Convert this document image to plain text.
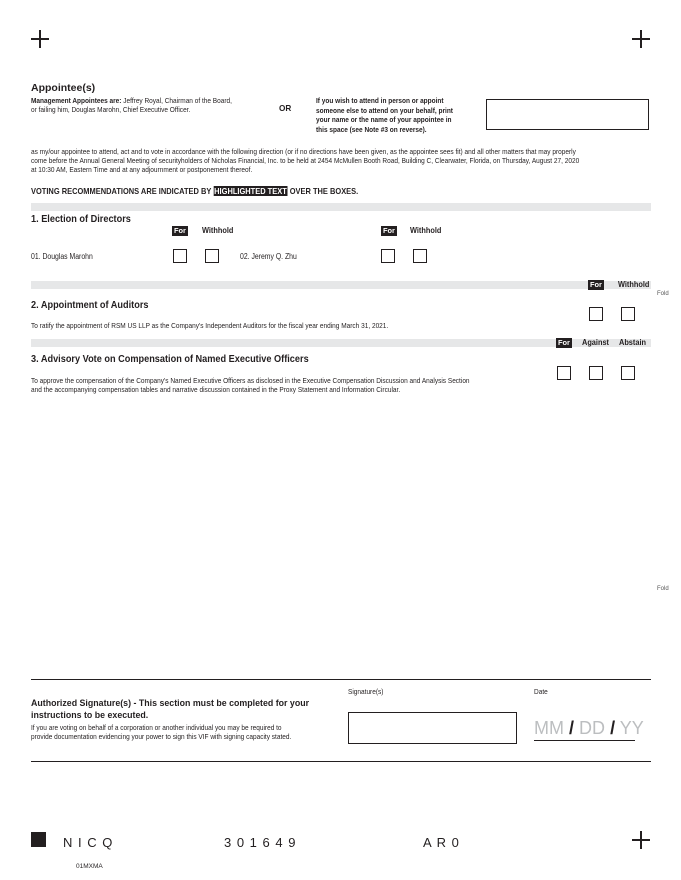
Appointee(s)
Management Appointees are: Jeffrey Royal, Chairman of the Board,
or failing him, Douglas Marohn, Chief Executive Officer.	OR
If you wish to attend in person or appoint
someone else to attend on your behalf, print
your name or the name of your appointee in
this space (see Note #3 on reverse).
as my/our appointee to attend, act and to vote in accordance with the following direction (or if no directions have been given, as the appointee sees fit) and all other matters that may properly
come before the Annual General Meeting of securityholders of Nicholas Financial, Inc. to be held at 2454 McMullen Booth Road, Building C, Clearwater, Florida, on Thursday, August 27, 2020
at 10:30 AM, Eastern Time and at any adjournment or postponement thereof.
VOTING RECOMMENDATIONS ARE INDICATED BY HIGHLIGHTED TEXT OVER THE BOXES.
1. Election of Directors
For Withhold	For Withhold
01. Douglas Marohn	02. Jeremy Q. Zhu
For Withhold
Fold
2. Appointment of Auditors
To ratify the appointment of RSM US LLP as the Company's Independent Auditors for the fiscal year ending March 31, 2021.
For Against Abstain
3. Advisory Vote on Compensation of Named Executive Officers
To approve the compensation of the Company's Named Executive Officers as disclosed in the Executive Compensation Discussion and Analysis Section
and the accompanying compensation tables and narrative discussion contained in the Proxy Statement and Information Circular.
Fold
Signature(s)	Date
Authorized Signature(s) - This section must be completed for your
instructions to be executed.
If you are voting on behalf of a corporation or another individual you may be required to
provide documentation evidencing your power to sign this VIF with signing capacity stated.	MM / DD / YY
N I C Q	3 0 1 6 4 9	A R 0
01MXMA
